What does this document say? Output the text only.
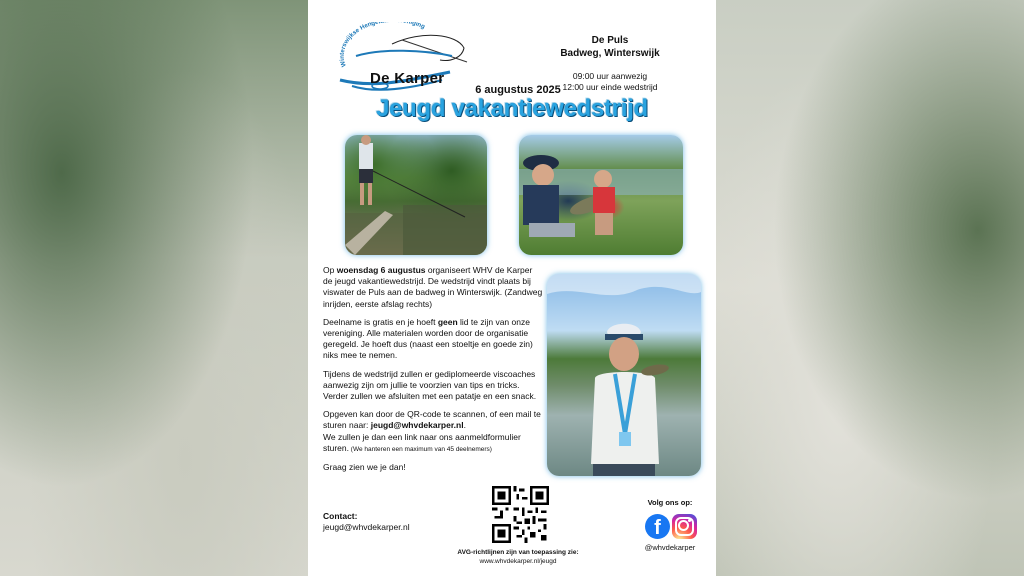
Winterswijkse Henge iging
De Karper
De Puls
Badweg, Winterswijk
09:00 uur aanwezig
12:00 uur einde wedstrijd
6 augustus 2025
Jeugd vakantiewedstrijd

Op woensdag 6 augustus organiseert WHV de Karper de jeugd vakantiewedstrijd. De wedstrijd vindt plaats bij viswater de Puls aan de badweg in Winterswijk. (Zandweg inrijden, eerste afslag rechts)

Deelname is gratis en je hoeft geen lid te zijn van onze vereniging. Alle materialen worden door de organisatie geregeld. Je hoeft dus (naast een stoeltje en goede zin) niks mee te nemen.

Tijdens de wedstrijd zullen er gediplomeerde viscoaches aanwezig zijn om jullie te voorzien van tips en tricks. Verder zullen we afsluiten met een patatje en een snack.

Opgeven kan door de QR-code te scannen, of een mail te sturen naar: jeugd@whvdekarper.nl.
We zullen je dan een link naar ons aanmeldformulier sturen. (We hanteren een maximum van 45 deelnemers)

Graag zien we je dan!

Contact:
jeugd@whvdekarper.nl
AVG-richtlijnen zijn van toepassing zie:
www.whvdekarper.nl/jeugd
Volg ons op:
f
@whvdekarper
